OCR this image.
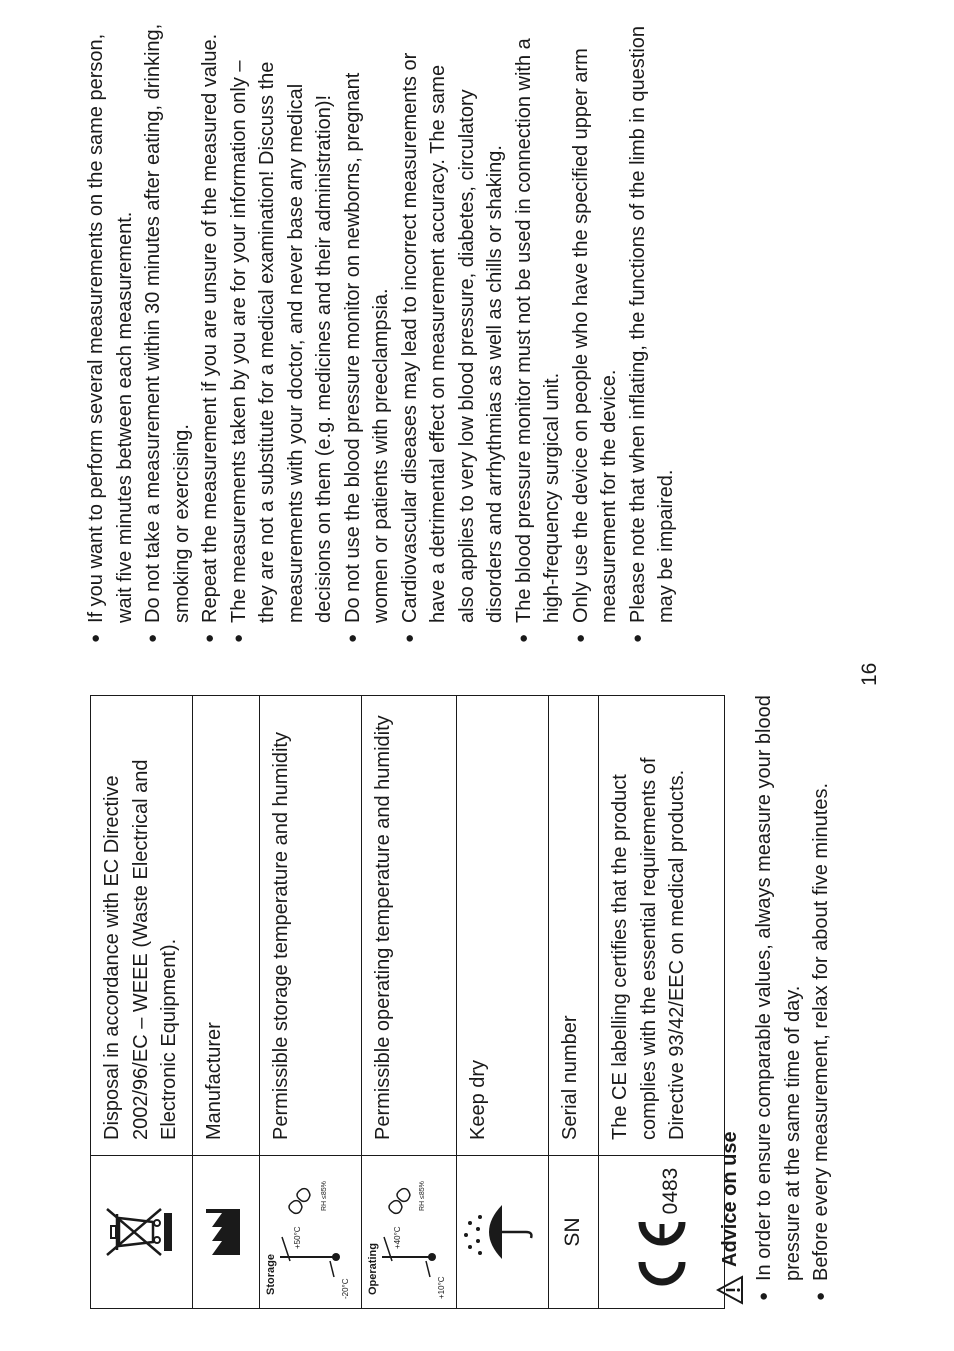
	Disposal in accordance with EC Directive 2002/96/EC – WEEE (Waste Electrical and Electronic Equipment).
	Manufacturer

Storage
+50°C
-20°C
RH ≤85%	Permissible storage temperature and humidity

Operating
+40°C
+10°C
RH ≤85%	Permissible operating temperature and humidity
	Keep dry
SN	Serial number

0483	The CE labelling certifies that the product complies with the essential requirements of Directive 93/42/EEC on medical products.
Advice on use ● In order to ensure comparable values, always measure your blood pressure at the same time of day. ● Before every measurement, relax for about five minutes.
● If you want to perform several measurements on the same person, wait five minutes between each measurement. ● Do not take a measurement within 30 minutes after eating, drinking, smoking or exercising. ● Repeat the measurement if you are unsure of the measured value. ● The measurements taken by you are for your information only – they are not a substitute for a medical examination! Discuss the measurements with your doctor, and never base any medical decisions on them (e.g. medicines and their administration)! ● Do not use the blood pressure monitor on newborns, pregnant women or patients with preeclampsia. ● Cardiovascular diseases may lead to incorrect measurements or have a detrimental effect on measurement accuracy. The same also applies to very low blood pressure, diabetes, circulatory disorders and arrhythmias as well as chills or shaking. ● The blood pressure monitor must not be used in connection with a high-frequency surgical unit. ● Only use the device on people who have the specified upper arm measurement for the device. ● Please note that when inflating, the functions of the limb in question may be impaired.
16
